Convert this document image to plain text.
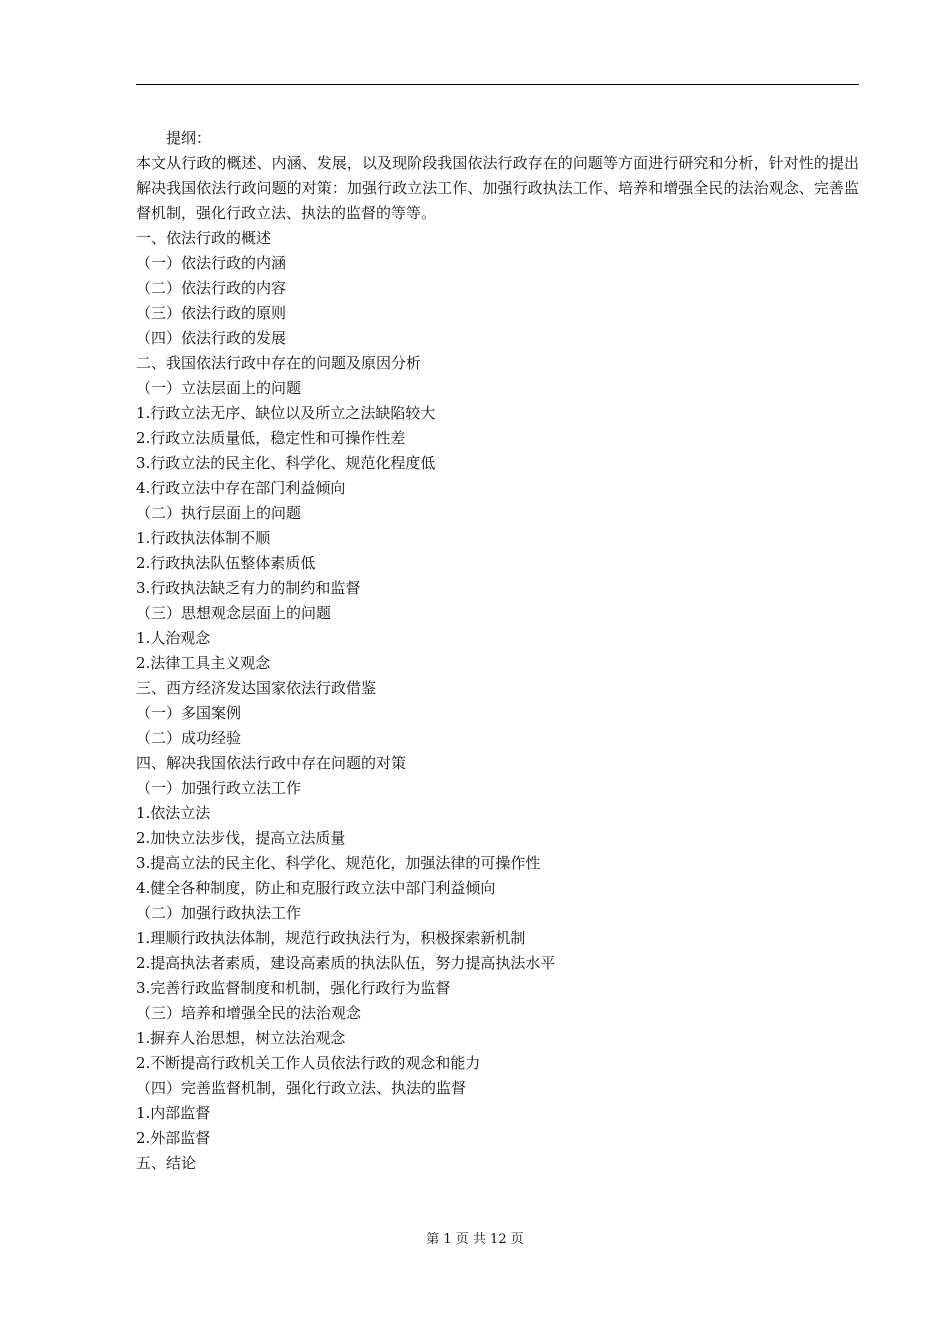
提纲：
本文从行政的概述、内涵、发展，以及现阶段我国依法行政存在的问题等方面进行研究和分析，针对性的提出解决我国依法行政问题的对策：加强行政立法工作、加强行政执法工作、培养和增强全民的法治观念、完善监督机制，强化行政立法、执法的监督的等等。
一、依法行政的概述
（一）依法行政的内涵
（二）依法行政的内容
（三）依法行政的原则
（四）依法行政的发展
二、我国依法行政中存在的问题及原因分析
（一）立法层面上的问题
1.行政立法无序、缺位以及所立之法缺陷较大
2.行政立法质量低，稳定性和可操作性差
3.行政立法的民主化、科学化、规范化程度低
4.行政立法中存在部门利益倾向
（二）执行层面上的问题
1.行政执法体制不顺
2.行政执法队伍整体素质低
3.行政执法缺乏有力的制约和监督
（三）思想观念层面上的问题
1.人治观念
2.法律工具主义观念
三、西方经济发达国家依法行政借鉴
（一）多国案例
（二）成功经验
四、解决我国依法行政中存在问题的对策
（一）加强行政立法工作
1.依法立法
2.加快立法步伐，提高立法质量
3.提高立法的民主化、科学化、规范化，加强法律的可操作性
4.健全各种制度，防止和克服行政立法中部门利益倾向
（二）加强行政执法工作
1.理顺行政执法体制，规范行政执法行为，积极探索新机制
2.提高执法者素质，建设高素质的执法队伍，努力提高执法水平
3.完善行政监督制度和机制，强化行政行为监督
（三）培养和增强全民的法治观念
1.摒弃人治思想，树立法治观念
2.不断提高行政机关工作人员依法行政的观念和能力
（四）完善监督机制，强化行政立法、执法的监督
1.内部监督
2.外部监督
五、结论
第 1 页 共 12 页
